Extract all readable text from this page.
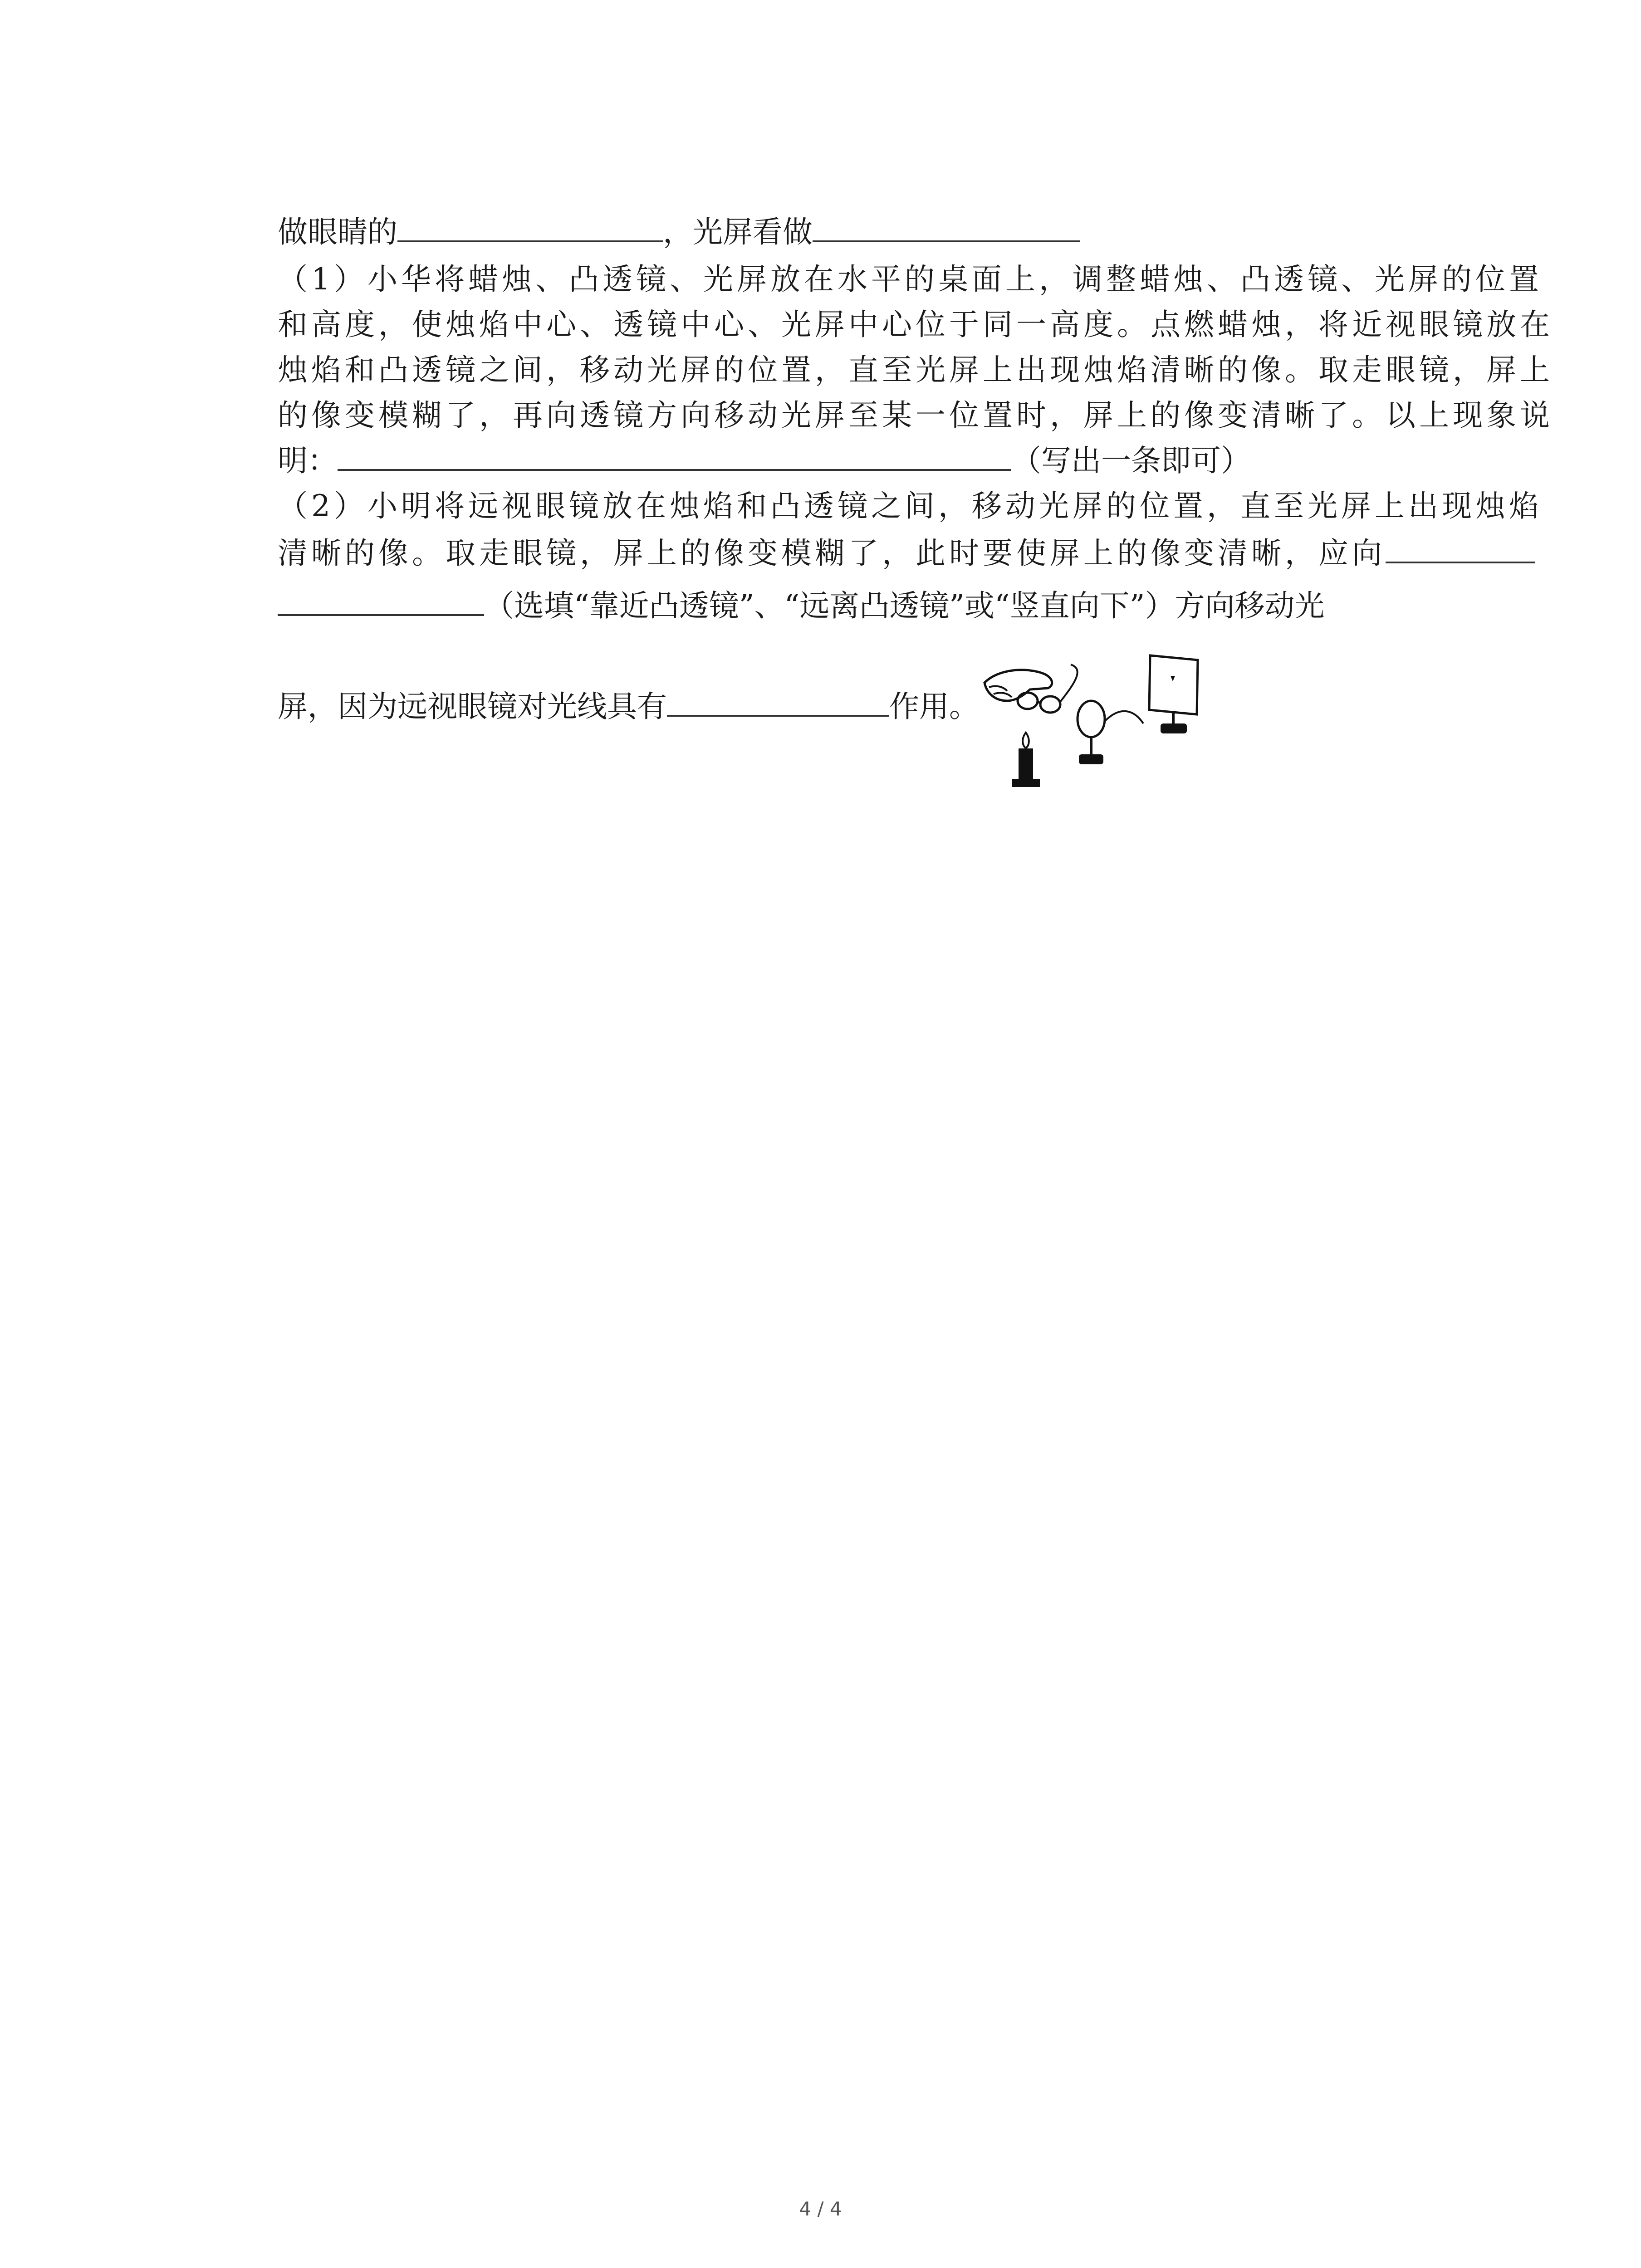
做眼睛的	，光屏看做
（1）小华将蜡烛、凸透镜、光屏放在水平的桌面上，调整蜡烛、凸透镜、光屏的位置
和高度，使烛焰中心、透镜中心、光屏中心位于同一高度。点燃蜡烛，将近视眼镜放在
烛焰和凸透镜之间，移动光屏的位置，直至光屏上出现烛焰清晰的像。取走眼镜，屏上
的像变模糊了，再向透镜方向移动光屏至某一位置时，屏上的像变清晰了。以上现象说
明：	（写出一条即可）
（2）小明将远视眼镜放在烛焰和凸透镜之间，移动光屏的位置，直至光屏上出现烛焰
清晰的像。取走眼镜，屏上的像变模糊了，此时要使屏上的像变清晰，应向
（选填“靠近凸透镜”、“远离凸透镜”或“竖直向下”）方向移动光
屏，因为远视眼镜对光线具有	作用。
4 / 4
